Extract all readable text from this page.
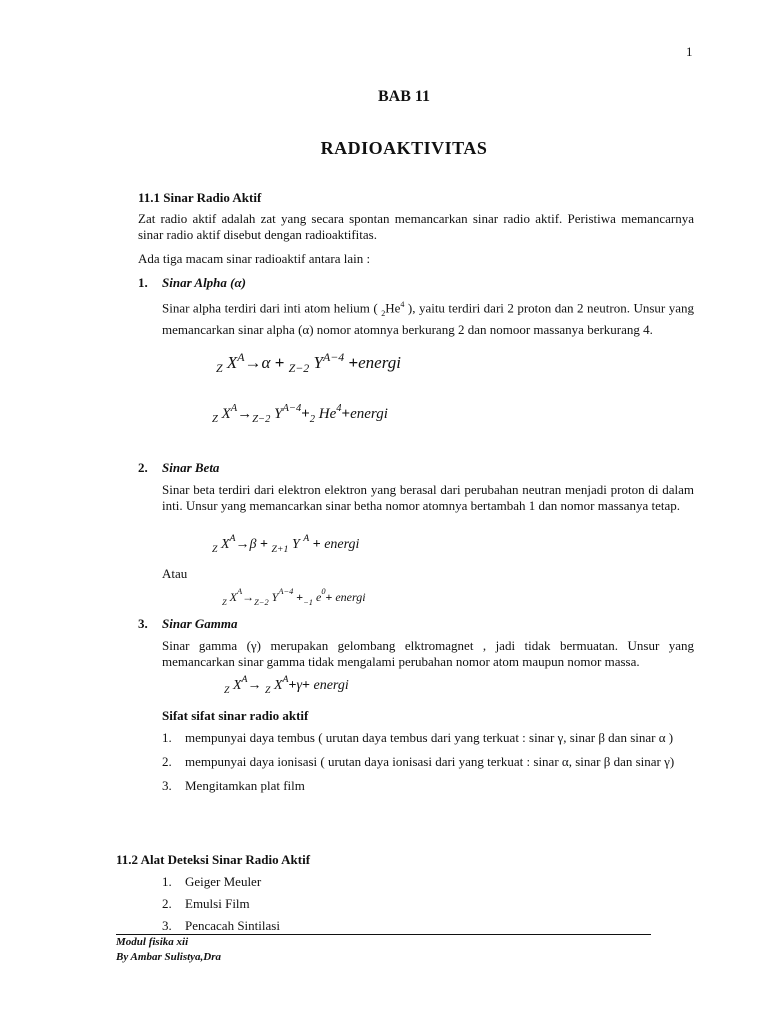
1
BAB 11
RADIOAKTIVITAS
11.1 Sinar Radio Aktif
Zat radio aktif adalah zat yang secara spontan memancarkan sinar radio aktif. Peristiwa memancarnya sinar radio aktif disebut dengan radioaktifitas.
Ada tiga macam sinar radioaktif antara lain :
1. Sinar Alpha (α)
Sinar alpha terdiri dari inti atom helium ( $_2He^4$ ), yaitu terdiri dari 2 proton dan 2 neutron. Unsur yang memancarkan sinar alpha (α) nomor atomnya berkurang 2 dan nomoor massanya berkurang 4.
$_Z$ $X^A\to\alpha + _{Z-2}$ $Y^{A-4}$ +energi
$_Z$ $X^A\to_{Z-2}$ $Y^{A-4}+_2$ $He^4+energi$
2. Sinar Beta
Sinar beta terdiri dari elektron elektron yang berasal dari perubahan neutran menjadi proton di dalam inti. Unsur yang memancarkan sinar betha nomor atomnya bertambah 1 dan nomor massanya tetap.
$_Z$ $X^A\to\beta + _{Z+1}$ Y $^A$ + energi
Atau
$_Z$ $X^A\to_{Z-2}$ $Y^{A-4} +_{-1}$ $e^0+$ energi
3. Sinar Gamma
Sinar gamma (γ) merupakan gelombang elktromagnet , jadi tidak bermuatan. Unsur yang memancarkan sinar gamma tidak mengalami perubahan nomor atom maupun nomor massa.
$_Z$ $X^A\to _Z$ $X^A+\gamma+$ energi
Sifat sifat sinar radio aktif
1. mempunyai daya tembus ( urutan daya tembus dari yang terkuat : sinar γ, sinar β dan sinar α )
2. mempunyai daya ionisasi ( urutan daya ionisasi dari yang terkuat : sinar α, sinar β dan sinar γ)
3. Mengitamkan plat film
11.2 Alat Deteksi Sinar Radio Aktif
1. Geiger Meuler
2. Emulsi Film
3. Pencacah Sintilasi
Modul fisika xii
By Ambar Sulistya,Dra
